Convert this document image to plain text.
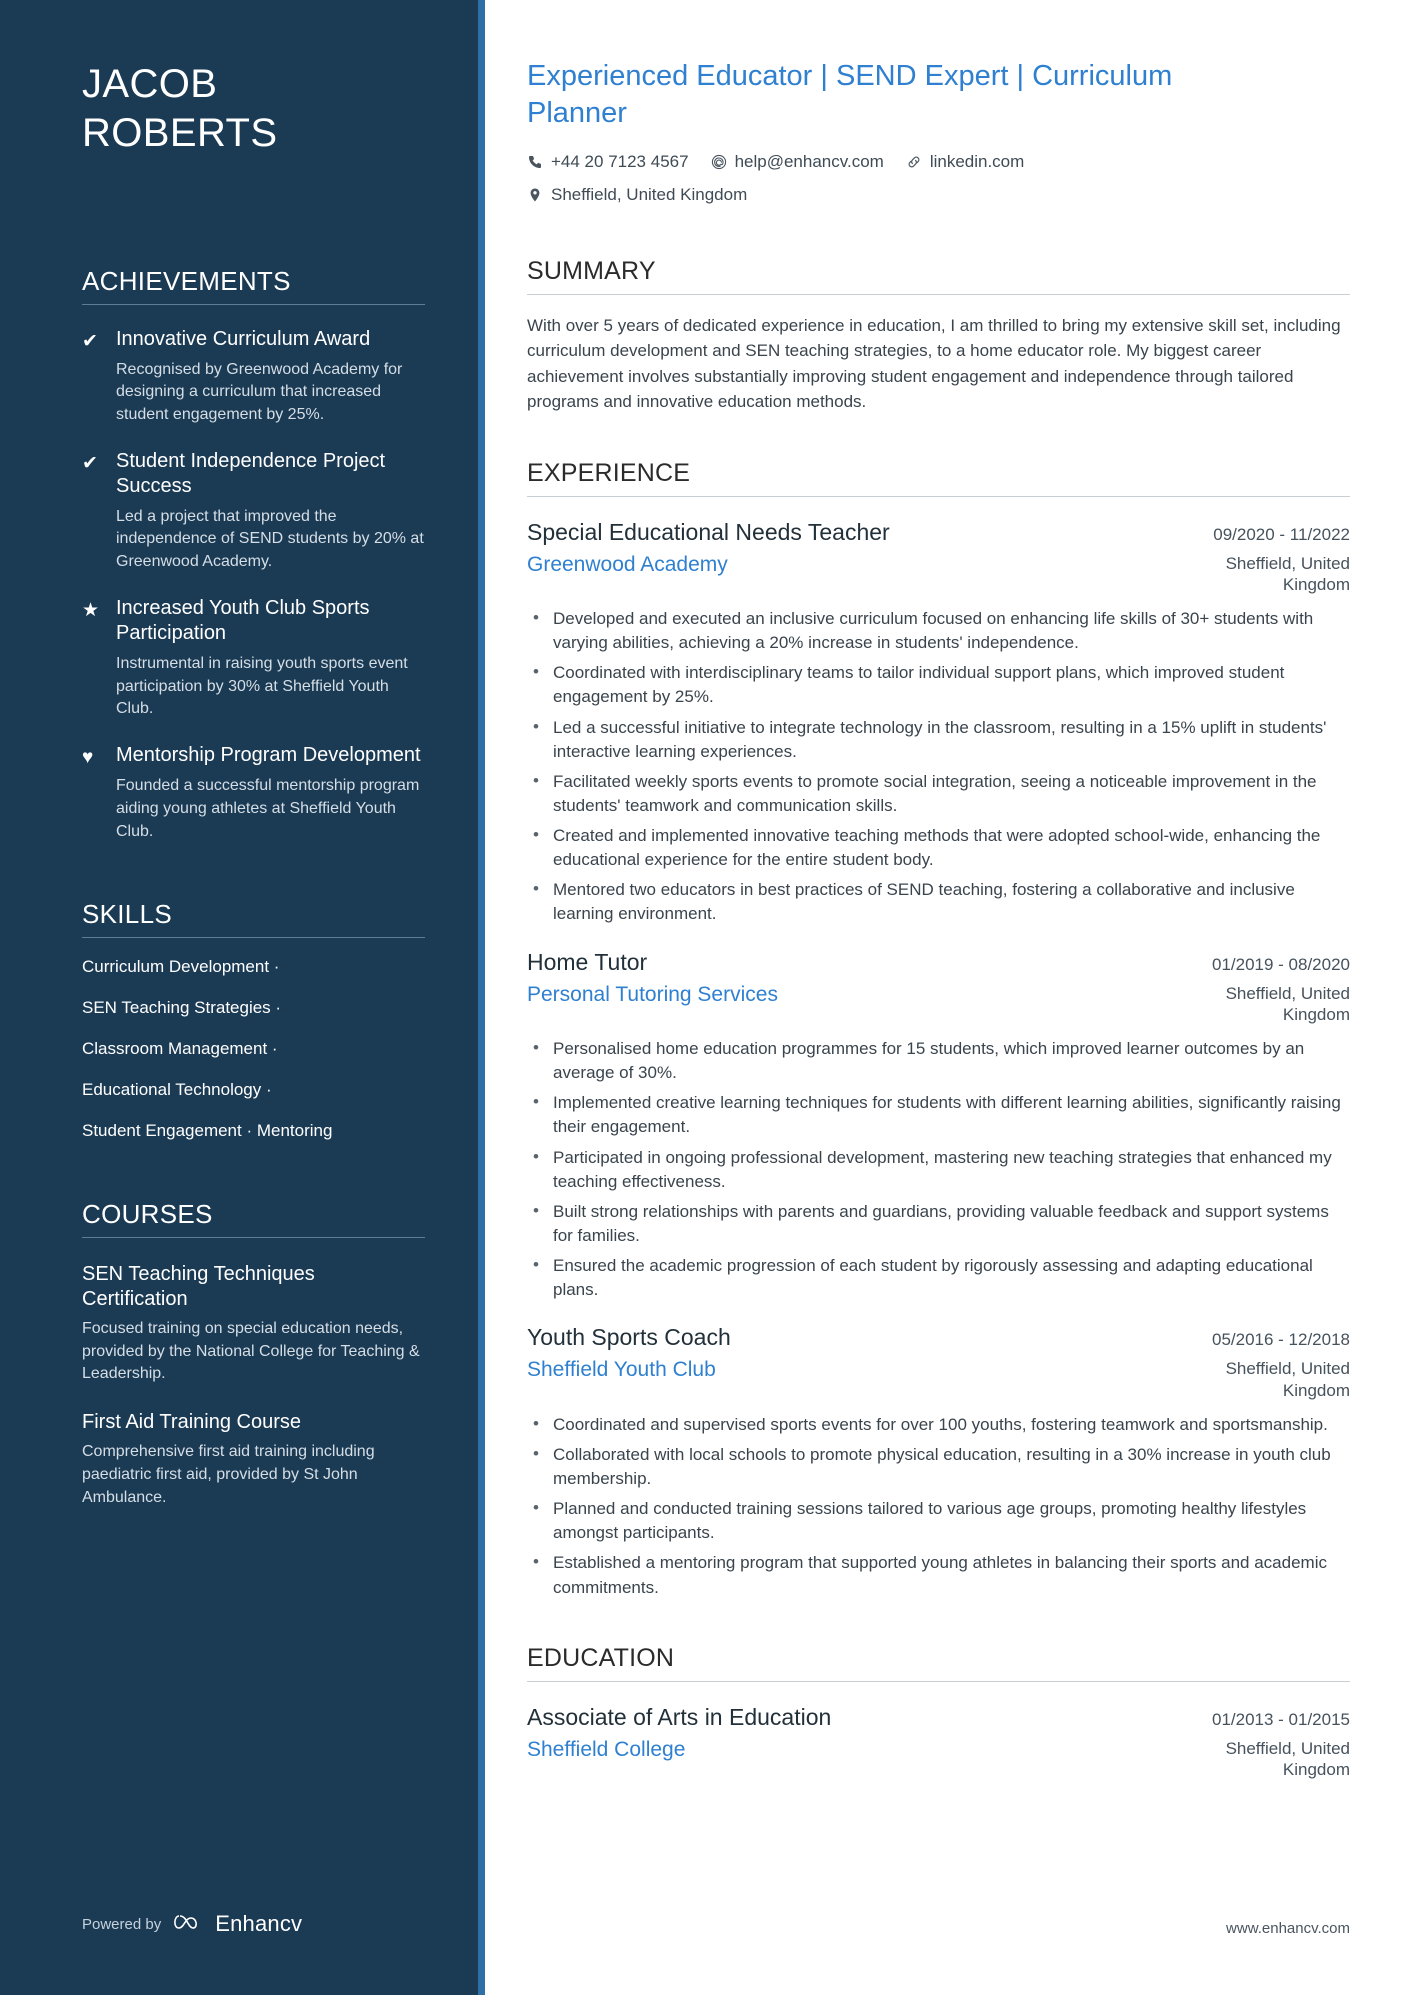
JACOB
ROBERTS
ACHIEVEMENTS
✔ Innovative Curriculum Award

Recognised by Greenwood Academy for designing a curriculum that increased student engagement by 25%.

✔ Student Independence Project Success

Led a project that improved the independence of SEND students by 20% at Greenwood Academy.

★ Increased Youth Club Sports Participation

Instrumental in raising youth sports event participation by 30% at Sheffield Youth Club.

♥	Mentorship Program Development

Founded a successful mentorship program aiding young athletes at Sheffield Youth Club.

SKILLS

Curriculum Development ·

SEN Teaching Strategies ·

Classroom Management ·

Educational Technology ·

Student Engagement · Mentoring

COURSES

SEN Teaching Techniques Certification

Focused training on special education needs, provided by the National College for Teaching & Leadership.

First Aid Training Course

Comprehensive first aid training including paediatric first aid, provided by St John Ambulance.

Powered by Enhancv
Experienced Educator | SEND Expert | Curriculum Planner
+44 20 7123 4567	help@enhancv.com	linkedin.com
Sheffield, United Kingdom
SUMMARY

With over 5 years of dedicated experience in education, I am thrilled to bring my extensive skill set, including curriculum development and SEN teaching strategies, to a home educator role. My biggest career achievement involves substantially improving student engagement and independence through tailored programs and innovative education methods.

EXPERIENCE

Special Educational Needs Teacher	09/2020 - 11/2022
Greenwood Academy	Sheffield, United Kingdom
• Developed and executed an inclusive curriculum focused on enhancing life skills of 30+ students with varying abilities, achieving a 20% increase in students' independence.
• Coordinated with interdisciplinary teams to tailor individual support plans, which improved student engagement by 25%.
• Led a successful initiative to integrate technology in the classroom, resulting in a 15% uplift in students' interactive learning experiences.
• Facilitated weekly sports events to promote social integration, seeing a noticeable improvement in the students' teamwork and communication skills.
• Created and implemented innovative teaching methods that were adopted school-wide, enhancing the educational experience for the entire student body.
• Mentored two educators in best practices of SEND teaching, fostering a collaborative and inclusive learning environment.

Home Tutor	01/2019 - 08/2020
Personal Tutoring Services	Sheffield, United Kingdom
• Personalised home education programmes for 15 students, which improved learner outcomes by an average of 30%.
• Implemented creative learning techniques for students with different learning abilities, significantly raising their engagement.
• Participated in ongoing professional development, mastering new teaching strategies that enhanced my teaching effectiveness.
• Built strong relationships with parents and guardians, providing valuable feedback and support systems for families.
• Ensured the academic progression of each student by rigorously assessing and adapting educational plans.

Youth Sports Coach	05/2016 - 12/2018
Sheffield Youth Club	Sheffield, United Kingdom
• Coordinated and supervised sports events for over 100 youths, fostering teamwork and sportsmanship.
• Collaborated with local schools to promote physical education, resulting in a 30% increase in youth club membership.
• Planned and conducted training sessions tailored to various age groups, promoting healthy lifestyles amongst participants.
• Established a mentoring program that supported young athletes in balancing their sports and academic commitments.
EDUCATION

Associate of Arts in Education	01/2013 - 01/2015
Sheffield College	Sheffield, United Kingdom
www.enhancv.com
